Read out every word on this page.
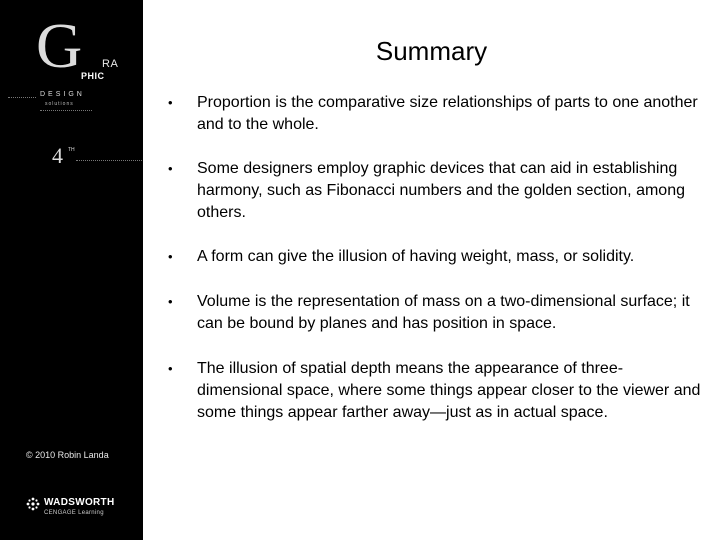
G	RA
PHIC
DESIGN
solutions
4 TH
© 2010 Robin Landa
WADSWORTH
CENGAGE Learning
Summary
• Proportion is the comparative size relationships of parts to one another and to the whole.
• Some designers employ graphic devices that can aid in establishing harmony, such as Fibonacci numbers and the golden section, among others.
• A form can give the illusion of having weight, mass, or solidity.
• Volume is the representation of mass on a two-dimensional surface; it can be bound by planes and has position in space.
• The illusion of spatial depth means the appearance of three-dimensional space, where some things appear closer to the viewer and some things appear farther away—just as in actual space.
